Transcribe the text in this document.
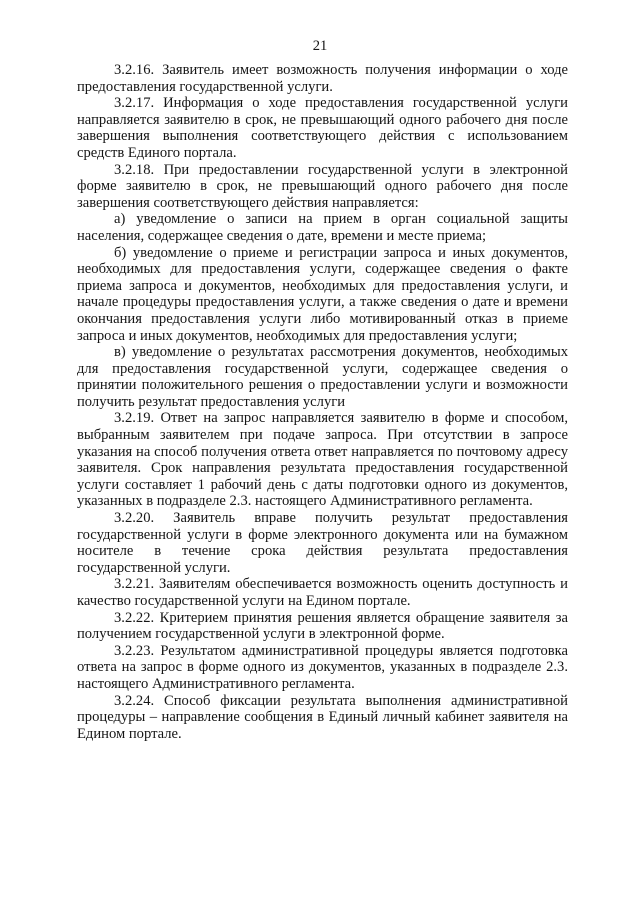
21

3.2.16. Заявитель имеет возможность получения информации о ходе предоставления государственной услуги.

3.2.17. Информация о ходе предоставления государственной услуги направляется заявителю в срок, не превышающий одного рабочего дня после завершения выполнения соответствующего действия с использованием средств Единого портала.

3.2.18. При предоставлении государственной услуги в электронной форме заявителю в срок, не превышающий одного рабочего дня после завершения соответствующего действия направляется:

а) уведомление о записи на прием в орган социальной защиты населения, содержащее сведения о дате, времени и месте приема;

б) уведомление о приеме и регистрации запроса и иных документов, необходимых для предоставления услуги, содержащее сведения о факте приема запроса и документов, необходимых для предоставления услуги, и начале процедуры предоставления услуги, а также сведения о дате и времени окончания предоставления услуги либо мотивированный отказ в приеме запроса и иных документов, необходимых для предоставления услуги;

в) уведомление о результатах рассмотрения документов, необходимых для предоставления государственной услуги, содержащее сведения о принятии положительного решения о предоставлении услуги и возможности получить результат предоставления услуги

3.2.19. Ответ на запрос направляется заявителю в форме и способом, выбранным заявителем при подаче запроса. При отсутствии в запросе указания на способ получения ответа ответ направляется по почтовому адресу заявителя. Срок направления результата предоставления государственной услуги составляет 1 рабочий день с даты подготовки одного из документов, указанных в подразделе 2.3. настоящего Административного регламента.

3.2.20. Заявитель вправе получить результат предоставления государственной услуги в форме электронного документа или на бумажном носителе в течение срока действия результата предоставления государственной услуги.

3.2.21. Заявителям обеспечивается возможность оценить доступность и качество государственной услуги на Едином портале.

3.2.22. Критерием принятия решения является обращение заявителя за получением государственной услуги в электронной форме.

3.2.23. Результатом административной процедуры является подготовка ответа на запрос в форме одного из документов, указанных в подразделе 2.3. настоящего Административного регламента.

3.2.24. Способ фиксации результата выполнения административной процедуры – направление сообщения в Единый личный кабинет заявителя на Едином портале.
